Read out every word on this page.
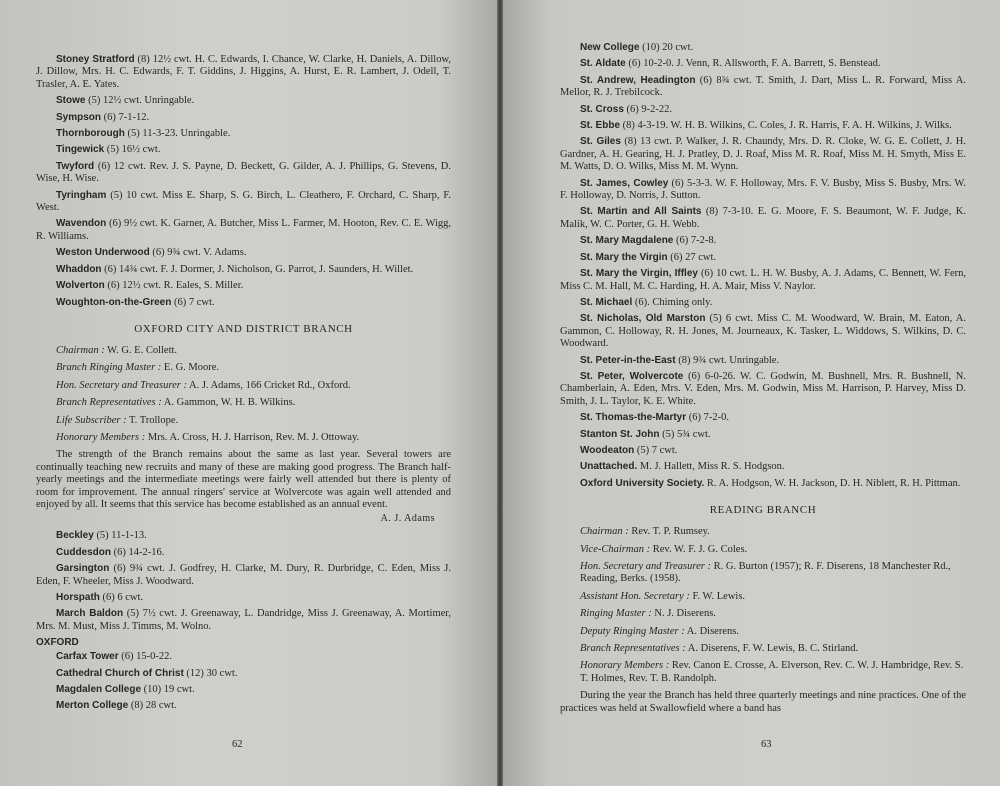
Stoney Stratford (8) 12½ cwt. H. C. Edwards, I. Chance, W. Clarke, H. Daniels, A. Dillow, J. Dillow, Mrs. H. C. Edwards, F. T. Giddins, J. Higgins, A. Hurst, E. R. Lambert, J. Odell, T. Trasler, A. E. Yates.

Stowe (5) 12½ cwt. Unringable.

Sympson (6) 7-1-12.

Thornborough (5) 11-3-23. Unringable.

Tingewick (5) 16½ cwt.

Twyford (6) 12 cwt. Rev. J. S. Payne, D. Beckett, G. Gilder, A. J. Phillips, G. Stevens, D. Wise, H. Wise.

Tyringham (5) 10 cwt. Miss E. Sharp, S. G. Birch, L. Cleathero, F. Orchard, C. Sharp, F. West.

Wavendon (6) 9½ cwt. K. Garner, A. Butcher, Miss L. Farmer, M. Hooton, Rev. C. E. Wigg, R. Williams.

Weston Underwood (6) 9¾ cwt. V. Adams.

Whaddon (6) 14¾ cwt. F. J. Dormer, J. Nicholson, G. Parrot, J. Saunders, H. Willet.

Wolverton (6) 12½ cwt. R. Eales, S. Miller.

Woughton-on-the-Green (6) 7 cwt.

OXFORD CITY AND DISTRICT BRANCH

Chairman : W. G. E. Collett.

Branch Ringing Master : E. G. Moore.

Hon. Secretary and Treasurer : A. J. Adams, 166 Cricket Rd., Oxford.

Branch Representatives : A. Gammon, W. H. B. Wilkins.

Life Subscriber : T. Trollope.

Honorary Members : Mrs. A. Cross, H. J. Harrison, Rev. M. J. Ottoway.

The strength of the Branch remains about the same as last year. Several towers are continually teaching new recruits and many of these are making good progress. The Branch half-yearly meetings and the intermediate meetings were fairly well attended but there is plenty of room for improvement. The annual ringers' service at Wolvercote was again well attended and enjoyed by all. It seems that this service has become established as an annual event.

A. J. Adams

Beckley (5) 11-1-13.

Cuddesdon (6) 14-2-16.

Garsington (6) 9¾ cwt. J. Godfrey, H. Clarke, M. Dury, R. Durbridge, C. Eden, Miss J. Eden, F. Wheeler, Miss J. Woodward.

Horspath (6) 6 cwt.

March Baldon (5) 7½ cwt. J. Greenaway, L. Dandridge, Miss J. Greenaway, A. Mortimer, Mrs. M. Must, Miss J. Timms, M. Wolno.

OXFORD

Carfax Tower (6) 15-0-22.

Cathedral Church of Christ (12) 30 cwt.

Magdalen College (10) 19 cwt.

Merton College (8) 28 cwt.

62

New College (10) 20 cwt.

St. Aldate (6) 10-2-0. J. Venn, R. Allsworth, F. A. Barrett, S. Benstead.

St. Andrew, Headington (6) 8¾ cwt. T. Smith, J. Dart, Miss L. R. Forward, Miss A. Mellor, R. J. Trebilcock.

St. Cross (6) 9-2-22.

St. Ebbe (8) 4-3-19. W. H. B. Wilkins, C. Coles, J. R. Harris, F. A. H. Wilkins, J. Wilks.

St. Giles (8) 13 cwt. P. Walker, J. R. Chaundy, Mrs. D. R. Cloke, W. G. E. Collett, J. H. Gardner, A. H. Gearing, H. J. Pratley, D. J. Roaf, Miss M. R. Roaf, Miss M. H. Smyth, Miss E. M. Watts, D. O. Wilks, Miss M. M. Wynn.

St. James, Cowley (6) 5-3-3. W. F. Holloway, Mrs. F. V. Busby, Miss S. Busby, Mrs. W. F. Holloway, D. Norris, J. Sutton.

St. Martin and All Saints (8) 7-3-10. E. G. Moore, F. S. Beaumont, W. F. Judge, K. Malik, W. C. Porter, G. H. Webb.

St. Mary Magdalene (6) 7-2-8.

St. Mary the Virgin (6) 27 cwt.

St. Mary the Virgin, Iffley (6) 10 cwt. L. H. W. Busby, A. J. Adams, C. Bennett, W. Fern, Miss C. M. Hall, M. C. Harding, H. A. Mair, Miss V. Naylor.

St. Michael (6). Chiming only.

St. Nicholas, Old Marston (5) 6 cwt. Miss C. M. Woodward, W. Brain, M. Eaton, A. Gammon, C. Holloway, R. H. Jones, M. Journeaux, K. Tasker, L. Widdows, S. Wilkins, D. C. Woodward.

St. Peter-in-the-East (8) 9¾ cwt. Unringable.

St. Peter, Wolvercote (6) 6-0-26. W. C. Godwin, M. Bushnell, Mrs. R. Bushnell, N. Chamberlain, A. Eden, Mrs. V. Eden, Mrs. M. Godwin, Miss M. Harrison, P. Harvey, Miss D. Smith, J. L. Taylor, K. E. White.

St. Thomas-the-Martyr (6) 7-2-0.

Stanton St. John (5) 5¾ cwt.

Woodeaton (5) 7 cwt.

Unattached. M. J. Hallett, Miss R. S. Hodgson.

Oxford University Society. R. A. Hodgson, W. H. Jackson, D. H. Niblett, R. H. Pittman.

READING BRANCH

Chairman : Rev. T. P. Rumsey.

Vice-Chairman : Rev. W. F. J. G. Coles.

Hon. Secretary and Treasurer : R. G. Burton (1957); R. F. Diserens, 18 Manchester Rd., Reading, Berks. (1958).

Assistant Hon. Secretary : F. W. Lewis.

Ringing Master : N. J. Diserens.

Deputy Ringing Master : A. Diserens.

Branch Representatives : A. Diserens, F. W. Lewis, B. C. Stirland.

Honorary Members : Rev. Canon E. Crosse, A. Elverson, Rev. C. W. J. Hambridge, Rev. S. T. Holmes, Rev. T. B. Randolph.

During the year the Branch has held three quarterly meetings and nine practices. One of the practices was held at Swallowfield where a band has

63
